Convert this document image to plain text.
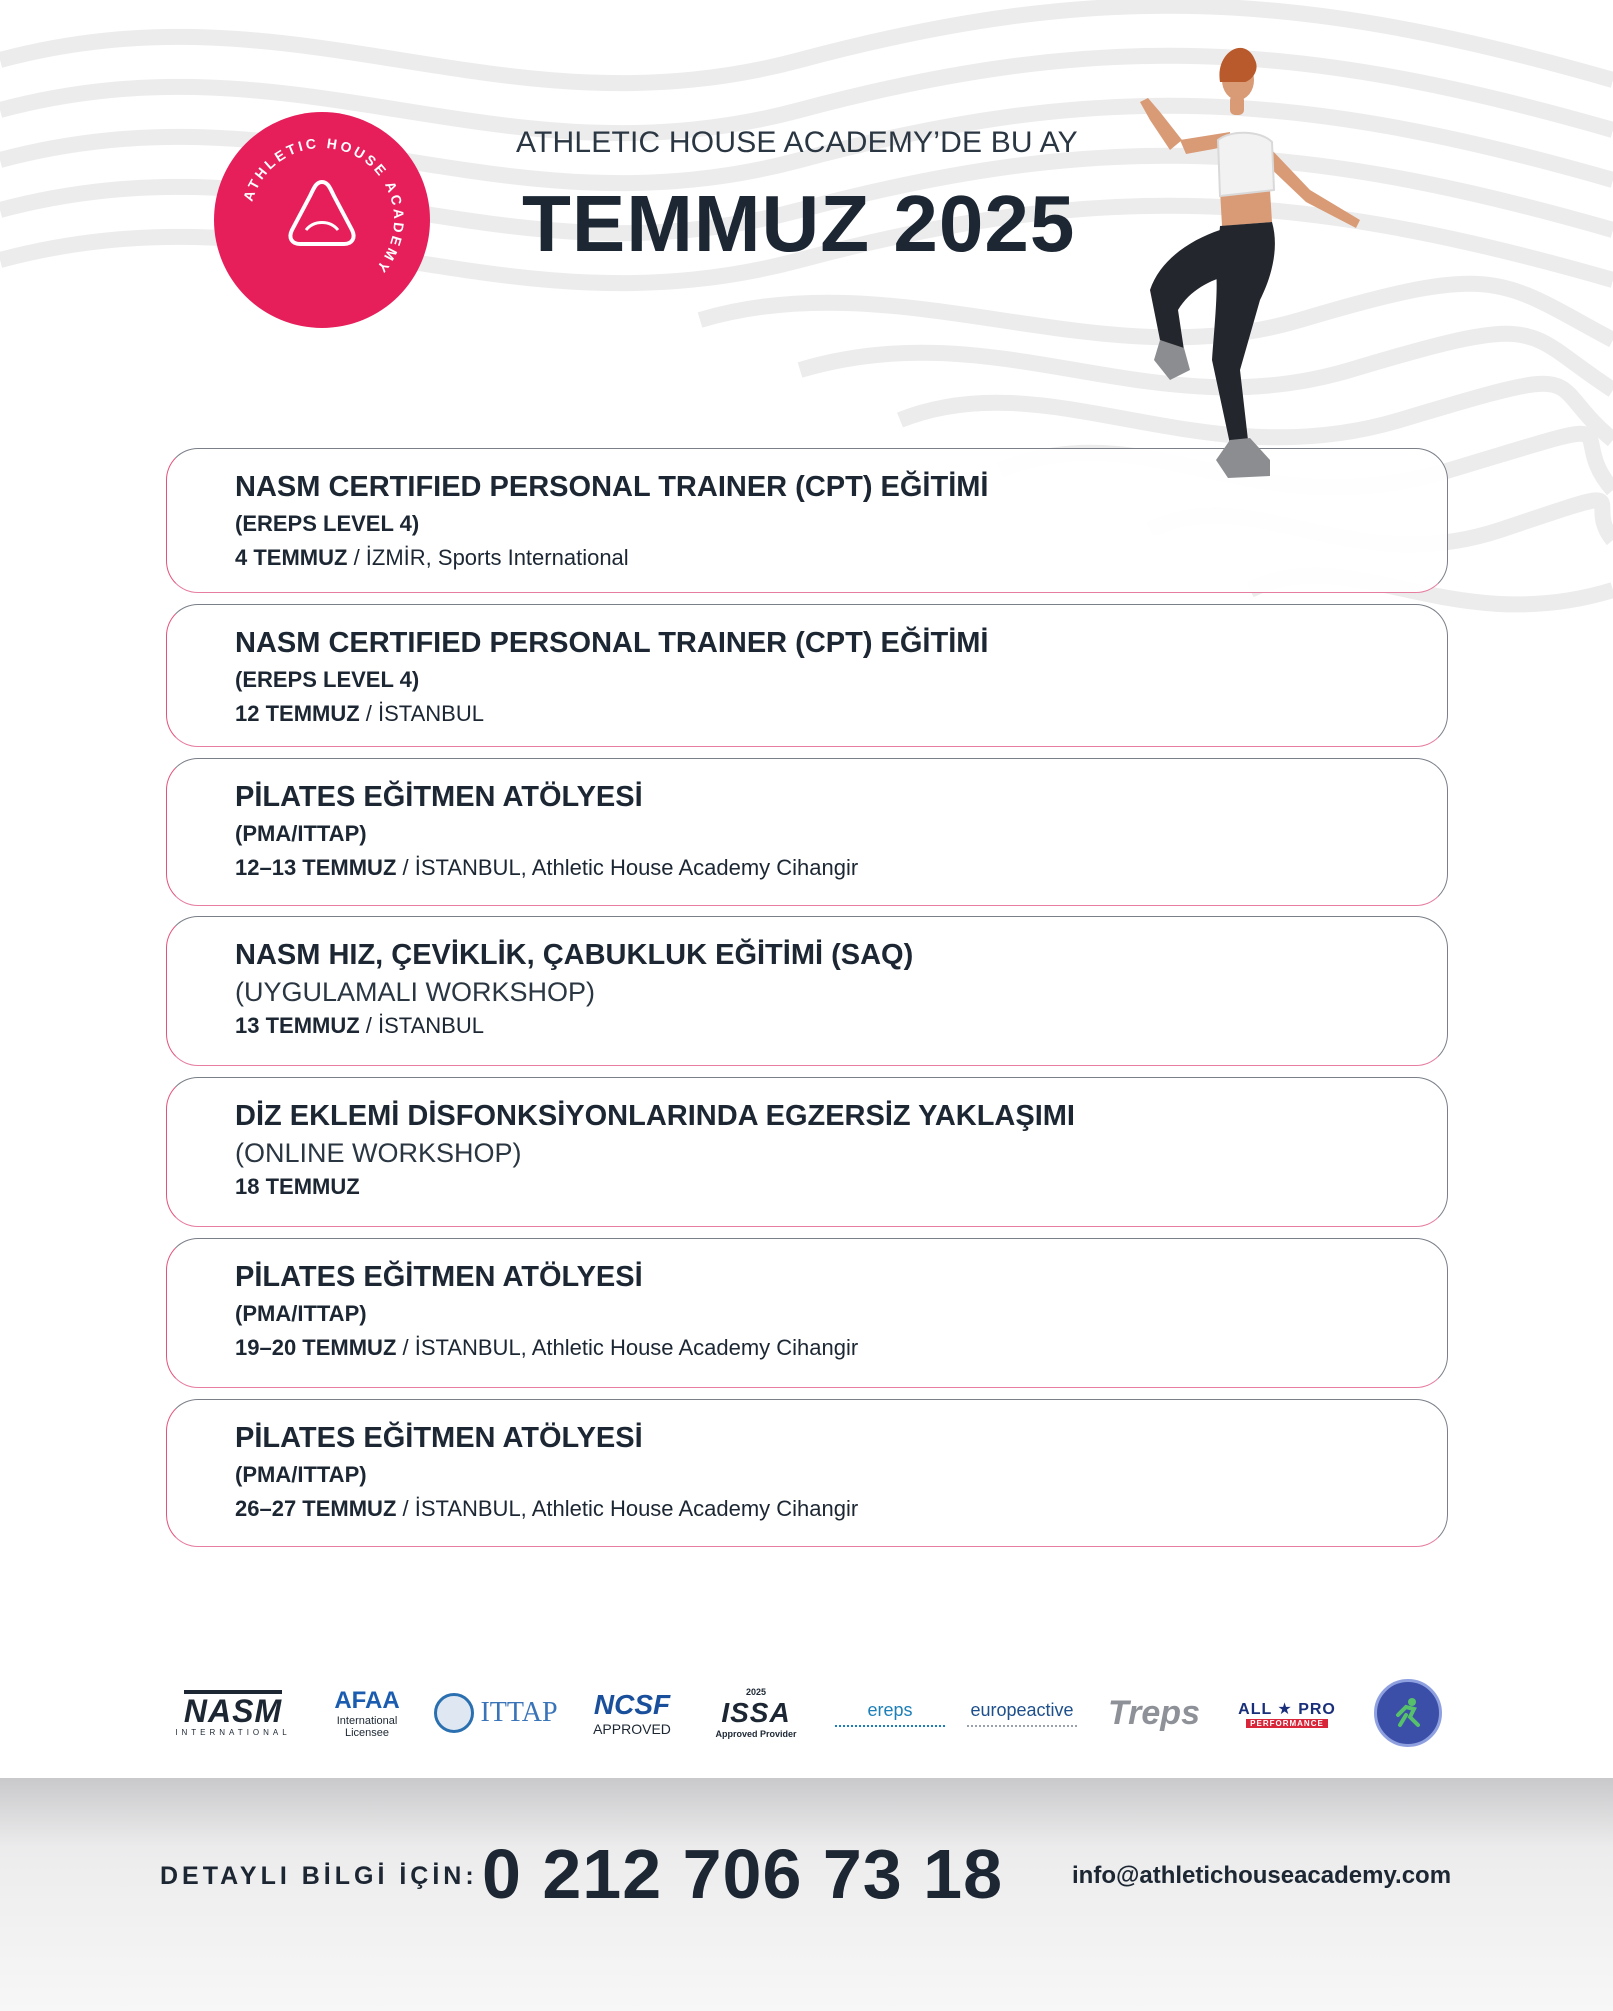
ATHLETIC HOUSE ACADEMY
ATHLETIC HOUSE ACADEMY’DE BU AY
TEMMUZ 2025
NASM CERTIFIED PERSONAL TRAINER (CPT) EĞİTİMİ
(EREPS LEVEL 4)
4 TEMMUZ / İZMİR, Sports International
NASM CERTIFIED PERSONAL TRAINER (CPT) EĞİTİMİ
(EREPS LEVEL 4)
12 TEMMUZ / İSTANBUL
PİLATES EĞİTMEN ATÖLYESİ
(PMA/ITTAP)
12–13 TEMMUZ / İSTANBUL, Athletic House Academy Cihangir
NASM HIZ, ÇEVİKLİK, ÇABUKLUK EĞİTİMİ (SAQ)
(UYGULAMALI WORKSHOP)
13 TEMMUZ / İSTANBUL
DİZ EKLEMİ DİSFONKSİYONLARINDA EGZERSİZ YAKLAŞIMI
(ONLINE WORKSHOP)
18 TEMMUZ
PİLATES EĞİTMEN ATÖLYESİ
(PMA/ITTAP)
19–20 TEMMUZ / İSTANBUL, Athletic House Academy Cihangir
PİLATES EĞİTMEN ATÖLYESİ
(PMA/ITTAP)
26–27 TEMMUZ / İSTANBUL, Athletic House Academy Cihangir
NASM
INTERNATIONAL
AFAA
International
Licensee
ITTAP NCSF
APPROVED
2025
ISSA
Approved Provider
ereps	europeactive Treps ALL ★ PRO
PERFORMANCE
DETAYLI BİLGİ İÇİN: 0 212 706 73 18	info@athletichouseacademy.com
